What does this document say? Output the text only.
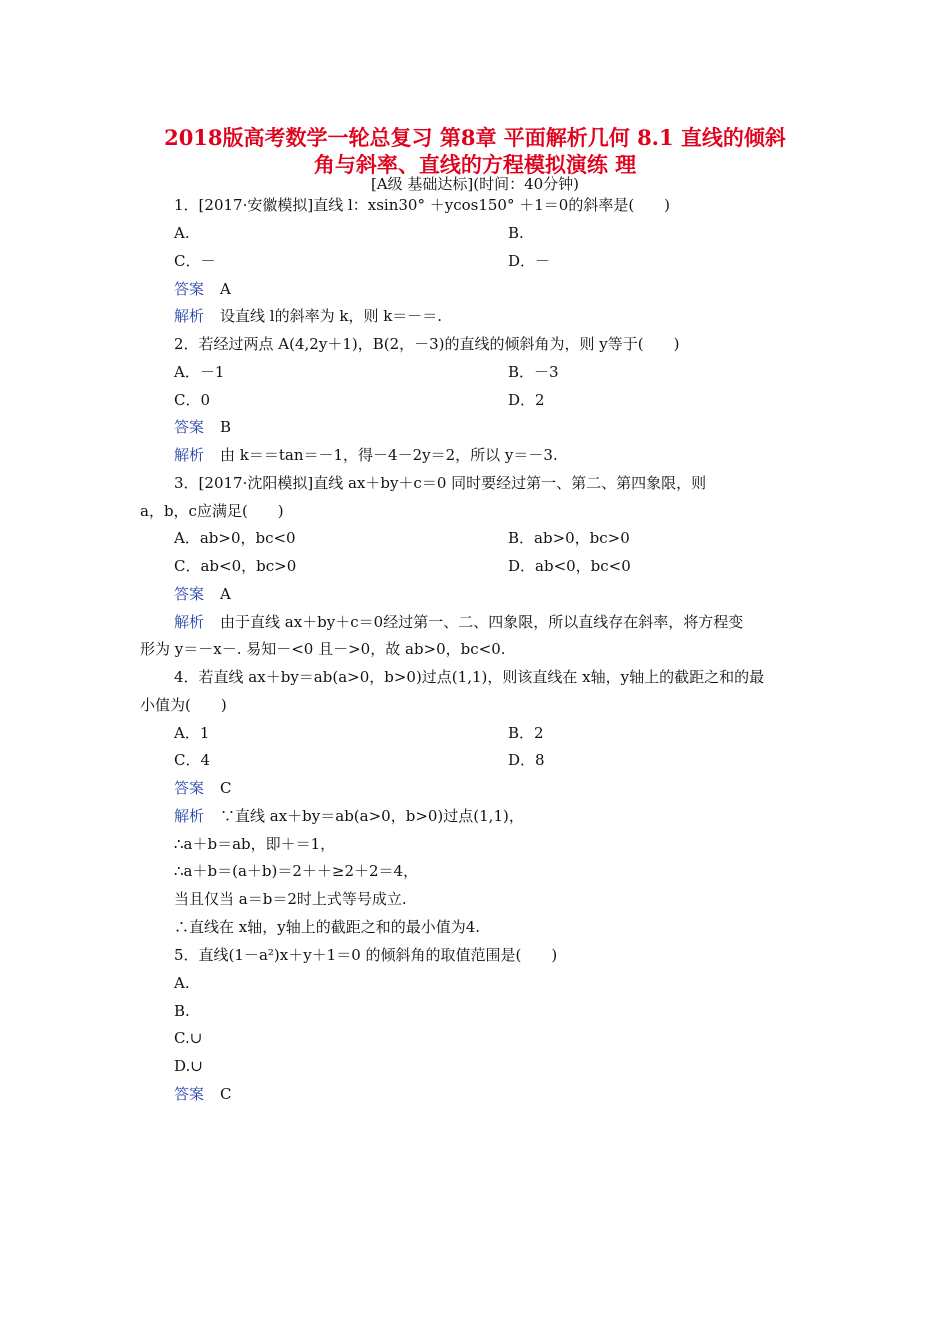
2018版高考数学一轮总复习 第8章 平面解析几何 8.1 直线的倾斜
角与斜率、直线的方程模拟演练 理
[A级 基础达标](时间：40分钟)
1．[2017·安徽模拟]直线 l：xsin30° ＋ycos150° ＋1＝0的斜率是(　　)
A.	B.
C．－	D．－
答案 A
解析 设直线 l的斜率为 k，则 k＝－＝.
2．若经过两点 A(4,2y＋1)，B(2，－3)的直线的倾斜角为，则 y等于(　　)
A．－1	B．－3
C．0	D．2
答案 B
解析 由 k＝＝tan＝－1，得－4－2y＝2，所以 y＝－3.
3．[2017·沈阳模拟]直线 ax＋by＋c＝0 同时要经过第一、第二、第四象限，则
a，b，c应满足(　　)
A．ab>0，bc<0	B．ab>0，bc>0
C．ab<0，bc>0	D．ab<0，bc<0
答案 A
解析 由于直线 ax＋by＋c＝0经过第一、二、四象限，所以直线存在斜率，将方程变
形为 y＝－x－. 易知－<0 且－>0，故 ab>0，bc<0.
4．若直线 ax＋by＝ab(a>0，b>0)过点(1,1)，则该直线在 x轴，y轴上的截距之和的最
小值为(　　)
A．1	B．2
C．4	D．8
答案 C
解析 ∵直线 ax＋by＝ab(a>0，b>0)过点(1,1)，
∴a＋b＝ab，即＋＝1，
∴a＋b＝(a＋b)＝2＋＋≥2＋2＝4，
当且仅当 a＝b＝2时上式等号成立.
∴直线在 x轴，y轴上的截距之和的最小值为4.
5．直线(1－a²)x＋y＋1＝0 的倾斜角的取值范围是(　　)
A.
B.
C.∪
D.∪
答案 C
